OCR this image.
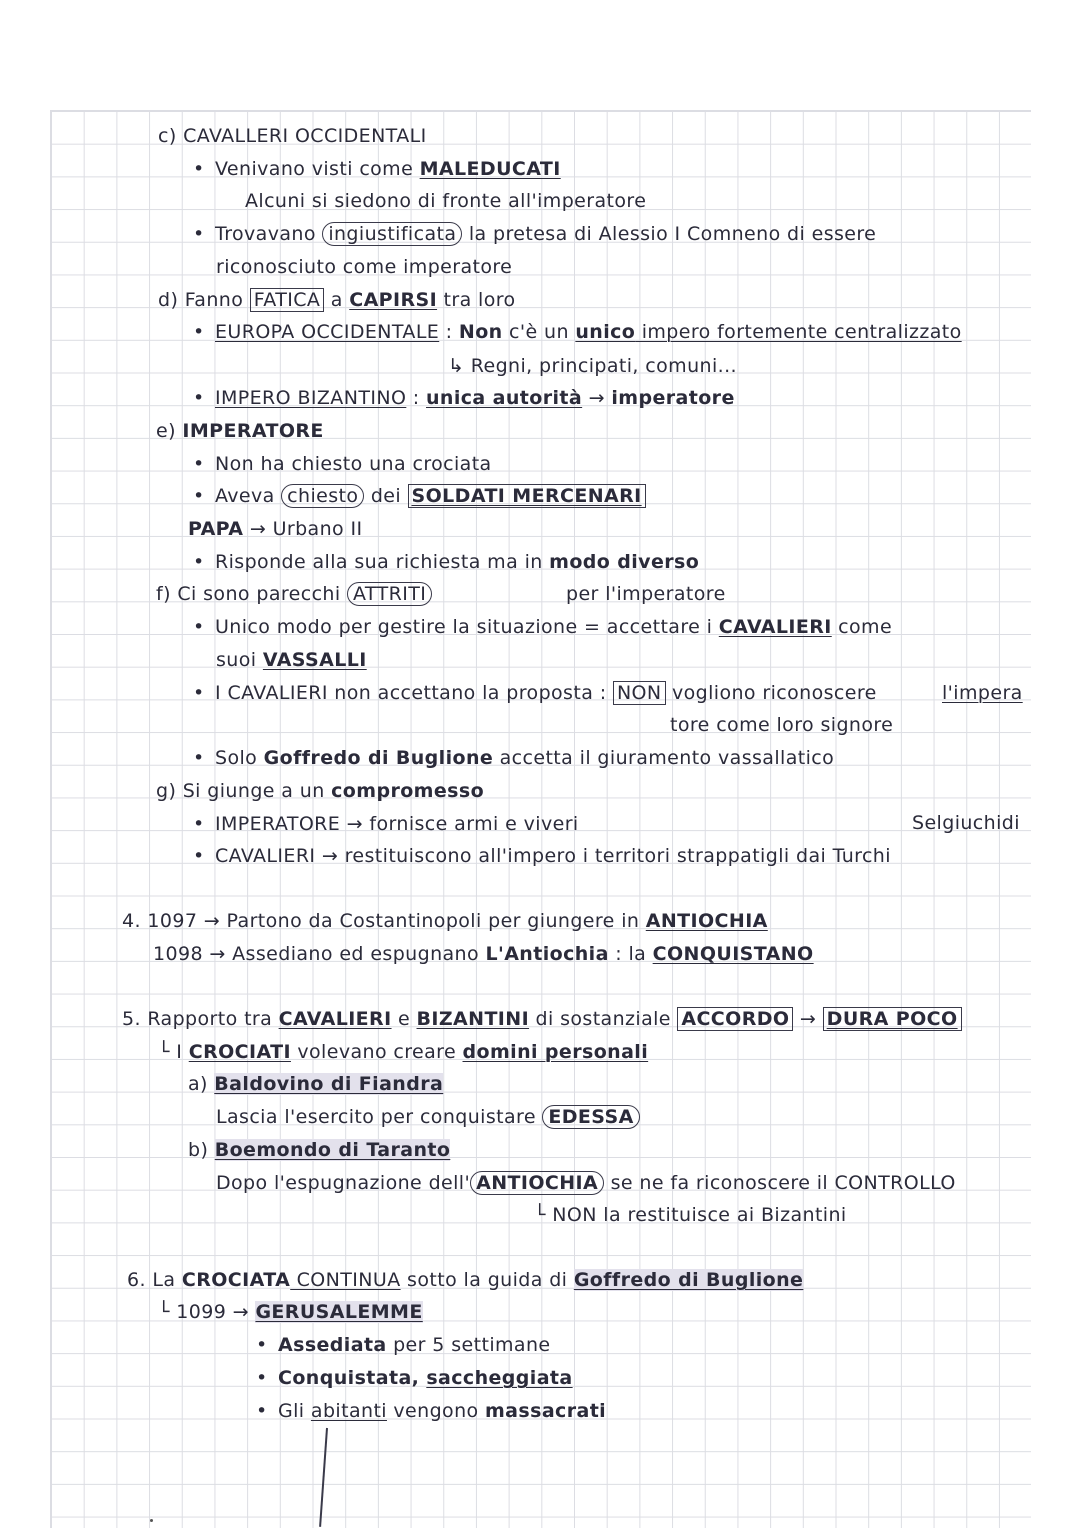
c) CAVALLERI OCCIDENTALI
• Venivano visti come MALEDUCATI
Alcuni si siedono di fronte all'imperatore
• Trovavano ingiustificata la pretesa di Alessio I Comneno di essere
riconosciuto come imperatore
d) Fanno FATICA a CAPIRSI tra loro
• EUROPA OCCIDENTALE : Non c'è un unico impero fortemente centralizzato
↳ Regni, principati, comuni...
• IMPERO BIZANTINO : unica autorità → imperatore
e) IMPERATORE
• Non ha chiesto una crociata
• Aveva chiesto dei SOLDATI MERCENARI
PAPA → Urbano II
• Risponde alla sua richiesta ma in modo diverso
f) Ci sono parecchi ATTRITI	per l'imperatore
• Unico modo per gestire la situazione = accettare i CAVALIERI come
suoi VASSALLI
• I CAVALIERI non accettano la proposta : NON vogliono riconoscere	l'impera
tore come loro signore
• Solo Goffredo di Buglione accetta il giuramento vassallatico
g) Si giunge a un compromesso
Selgiuchidi
• IMPERATORE → fornisce armi e viveri
• CAVALIERI → restituiscono all'impero i territori strappatigli dai Turchi
4. 1097 → Partono da Costantinopoli per giungere in ANTIOCHIA
1098 → Assediano ed espugnano L'Antiochia : la CONQUISTANO
5. Rapporto tra CAVALIERI e BIZANTINI di sostanziale ACCORDO → DURA POCO
└ I CROCIATI volevano creare domini personali
a) Baldovino di Fiandra
Lascia l'esercito per conquistare EDESSA
b) Boemondo di Taranto
Dopo l'espugnazione dell' ANTIOCHIA se ne fa riconoscere il CONTROLLO
└ NON la restituisce ai Bizantini
6. La CROCIATA CONTINUA sotto la guida di Goffredo di Buglione
└ 1099 → GERUSALEMME
• Assediata per 5 settimane
• Conquistata, saccheggiata
• Gli abitanti vengono massacrati
